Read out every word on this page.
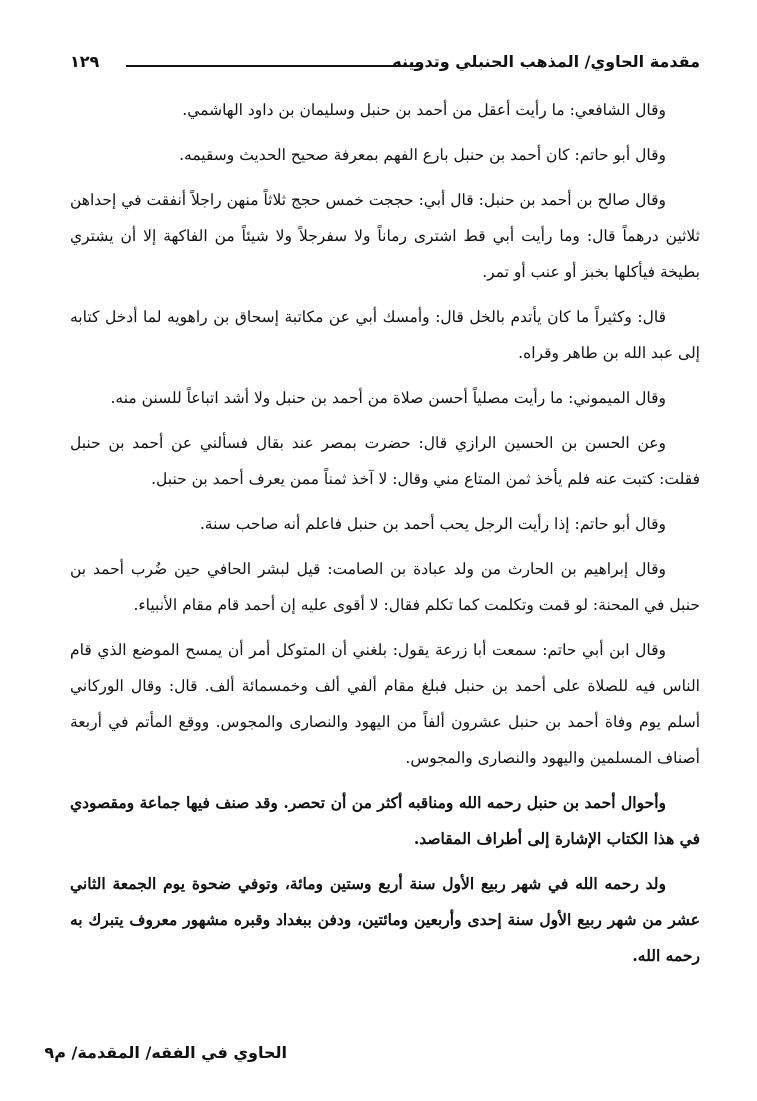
مقدمة الحاوي/ المذهب الحنبلي وتدوينه
١٢٩

وقال الشافعي: ما رأيت أعقل من أحمد بن حنبل وسليمان بن داود الهاشمي.

وقال أبو حاتم: كان أحمد بن حنبل بارع الفهم بمعرفة صحيح الحديث وسقيمه.

وقال صالح بن أحمد بن حنبل: قال أبي: حججت خمس حجج ثلاثاً منهن راجلاً أنفقت في إحداهن ثلاثين درهماً قال: وما رأيت أبي قط اشترى رماناً ولا سفرجلاً ولا شيئاً من الفاكهة إلا أن يشتري بطيخة فيأكلها بخبز أو عنب أو تمر.

قال: وكثيراً ما كان يأتدم بالخل قال: وأمسك أبي عن مكاتبة إسحاق بن راهويه لما أدخل كتابه إلى عبد الله بن طاهر وقراه.

وقال الميموني: ما رأيت مصلياً أحسن صلاة من أحمد بن حنبل ولا أشد اتباعاً للسنن منه.

وعن الحسن بن الحسين الرازي قال: حضرت بمصر عند بقال فسألني عن أحمد بن حنبل فقلت: كتبت عنه فلم يأخذ ثمن المتاع مني وقال: لا آخذ ثمناً ممن يعرف أحمد بن حنبل.

وقال أبو حاتم: إذا رأيت الرجل يحب أحمد بن حنبل فاعلم أنه صاحب سنة.

وقال إبراهيم بن الحارث من ولد عبادة بن الصامت: قيل لبشر الحافي حين ضُرب أحمد بن حنبل في المحنة: لو قمت وتكلمت كما تكلم فقال: لا أقوى عليه إن أحمد قام مقام الأنبياء.

وقال ابن أبي حاتم: سمعت أبا زرعة يقول: بلغني أن المتوكل أمر أن يمسح الموضع الذي قام الناس فيه للصلاة على أحمد بن حنبل فبلغ مقام ألفي ألف وخمسمائة ألف. قال: وقال الوركاني أسلم يوم وفاة أحمد بن حنبل عشرون ألفاً من اليهود والنصارى والمجوس. ووقع المأتم في أربعة أصناف المسلمين واليهود والنصارى والمجوس.

وأحوال أحمد بن حنبل رحمه الله ومناقبه أكثر من أن تحصر. وقد صنف فيها جماعة ومقصودي في هذا الكتاب الإشارة إلى أطراف المقاصد.

ولد رحمه الله في شهر ربيع الأول سنة أربع وستين ومائة، وتوفي ضحوة يوم الجمعة الثاني عشر من شهر ربيع الأول سنة إحدى وأربعين ومائتين، ودفن ببغداد وقبره مشهور معروف يتبرك به رحمه الله.

الحاوي في الفقه/ المقدمة/ م٩
